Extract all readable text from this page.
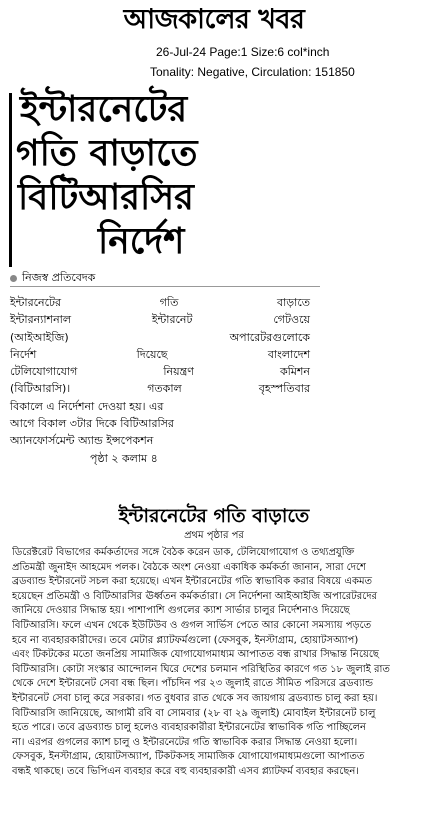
আজকালের খবর
26-Jul-24 Page:1 Size:6 col*inch
Tonality: Negative, Circulation: 151850
ইন্টারনেটের
গতি বাড়াতে
বিটিআরসির
নির্দেশ
নিজস্ব প্রতিবেদক
ইন্টারনেটের গতি বাড়াতে
ইন্টারন্যাশনাল ইন্টারনেট গেটওয়ে
(আইআইজি) অপারেটরগুলোকে
নির্দেশ দিয়েছে বাংলাদেশ
টেলিযোগাযোগ নিয়ন্ত্রণ কমিশন
(বিটিআরসি)। গতকাল বৃহস্পতিবার
বিকালে এ নির্দেশনা দেওয়া হয়। এর
আগে বিকাল ৩টার দিকে বিটিআরসির
অ্যানফোর্সমেন্ট অ্যান্ড ইন্সপেকশন
পৃষ্ঠা ২ কলাম ৪
ইন্টারনেটের গতি বাড়াতে
প্রথম পৃষ্ঠার পর
ডিরেক্টরেট বিভাগের কর্মকর্তাদের সঙ্গে বৈঠক করেন ডাক, টেলিযোগাযোগ ও তথ্যপ্রযুক্তি
প্রতিমন্ত্রী জুনাইদ আহমেদ পলক। বৈঠকে অংশ নেওয়া একাধিক কর্মকর্তা জানান, সারা দেশে
ব্রডব্যান্ড ইন্টারনেট সচল করা হয়েছে। এখন ইন্টারনেটের গতি স্বাভাবিক করার বিষয়ে একমত
হয়েছেন প্রতিমন্ত্রী ও বিটিআরসির ঊর্ধ্বতন কর্মকর্তারা। সে নির্দেশনা আইআইজি অপারেটরদের
জানিয়ে দেওয়ার সিদ্ধান্ত হয়। পাশাপাশি গুগলের ক্যাশ সার্ভার চালুর নির্দেশনাও দিয়েছে
বিটিআরসি। ফলে এখন থেকে ইউটিউব ও গুগল সার্ভিস পেতে আর কোনো সমস্যায় পড়তে
হবে না ব্যবহারকারীদের। তবে মেটার প্ল্যাটফর্মগুলো (ফেসবুক, ইনস্টাগ্রাম, হোয়াটসঅ্যাপ)
এবং টিকটকের মতো জনপ্রিয় সামাজিক যোগাযোগমাধ্যম আপাতত বন্ধ রাখার সিদ্ধান্ত নিয়েছে
বিটিআরসি। কোটা সংস্কার আন্দোলন ঘিরে দেশের চলমান পরিস্থিতির কারণে গত ১৮ জুলাই রাত
থেকে দেশে ইন্টারনেট সেবা বন্ধ ছিল। পাঁচদিন পর ২৩ জুলাই রাতে সীমিত পরিসরে ব্রডব্যান্ড
ইন্টারনেট সেবা চালু করে সরকার। গত বুধবার রাত থেকে সব জায়গায় ব্রডব্যান্ড চালু করা হয়।
বিটিআরসি জানিয়েছে, আগামী রবি বা সোমবার (২৮ বা ২৯ জুলাই) মোবাইল ইন্টারনেট চালু
হতে পারে। তবে ব্রডব্যান্ড চালু হলেও ব্যবহারকারীরা ইন্টারনেটের স্বাভাবিক গতি পাচ্ছিলেন
না। এরপর গুগলের ক্যাশ চালু ও ইন্টারনেটের গতি স্বাভাবিক করার সিদ্ধান্ত নেওয়া হলো।
ফেসবুক, ইনস্টাগ্রাম, হোয়াটসঅ্যাপ, টিকটকসহ সামাজিক যোগাযোগমাধ্যমগুলো আপাতত
বন্ধই থাকছে। তবে ভিপিএন ব্যবহার করে বহু ব্যবহারকারী এসব প্ল্যাটফর্ম ব্যবহার করছেন।
